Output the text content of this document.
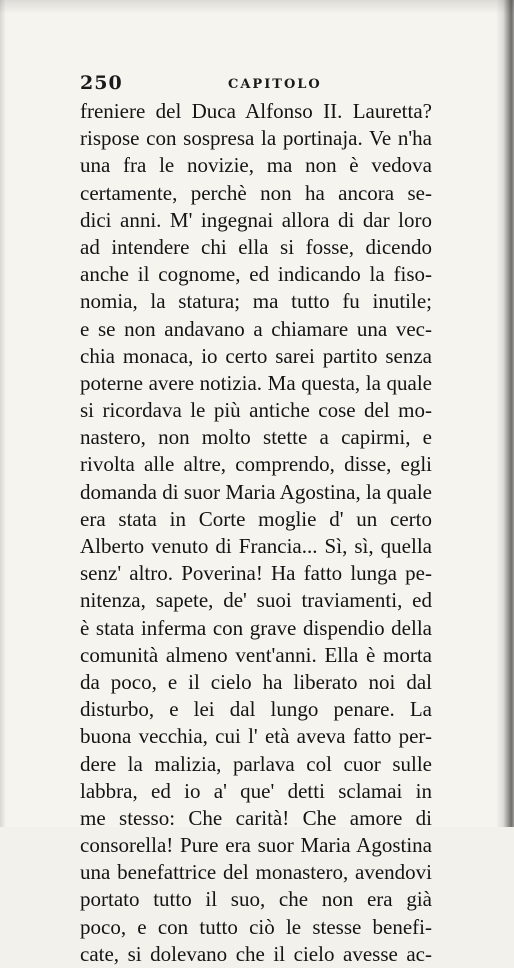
250	CAPITOLO
freniere del Duca Alfonso II. Lauretta?
rispose con sospresa la portinaja. Ve n'ha
una fra le novizie, ma non è vedova
certamente, perchè non ha ancora se-
dici anni. M' ingegnai allora di dar loro
ad intendere chi ella si fosse, dicendo
anche il cognome, ed indicando la fiso-
nomia, la statura; ma tutto fu inutile;
e se non andavano a chiamare una vec-
chia monaca, io certo sarei partito senza
poterne avere notizia. Ma questa, la quale
si ricordava le più antiche cose del mo-
nastero, non molto stette a capirmi, e
rivolta alle altre, comprendo, disse, egli
domanda di suor Maria Agostina, la quale
era stata in Corte moglie d' un certo
Alberto venuto di Francia... Sì, sì, quella
senz' altro. Poverina! Ha fatto lunga pe-
nitenza, sapete, de' suoi traviamenti, ed
è stata inferma con grave dispendio della
comunità almeno vent'anni. Ella è morta
da poco, e il cielo ha liberato noi dal
disturbo, e lei dal lungo penare. La
buona vecchia, cui l' età aveva fatto per-
dere la malizia, parlava col cuor sulle
labbra, ed io a' que' detti sclamai in
me stesso: Che carità! Che amore di
consorella! Pure era suor Maria Agostina
una benefattrice del monastero, avendovi
portato tutto il suo, che non era già
poco, e con tutto ciò le stesse benefi-
cate, si dolevano che il cielo avesse ac-
